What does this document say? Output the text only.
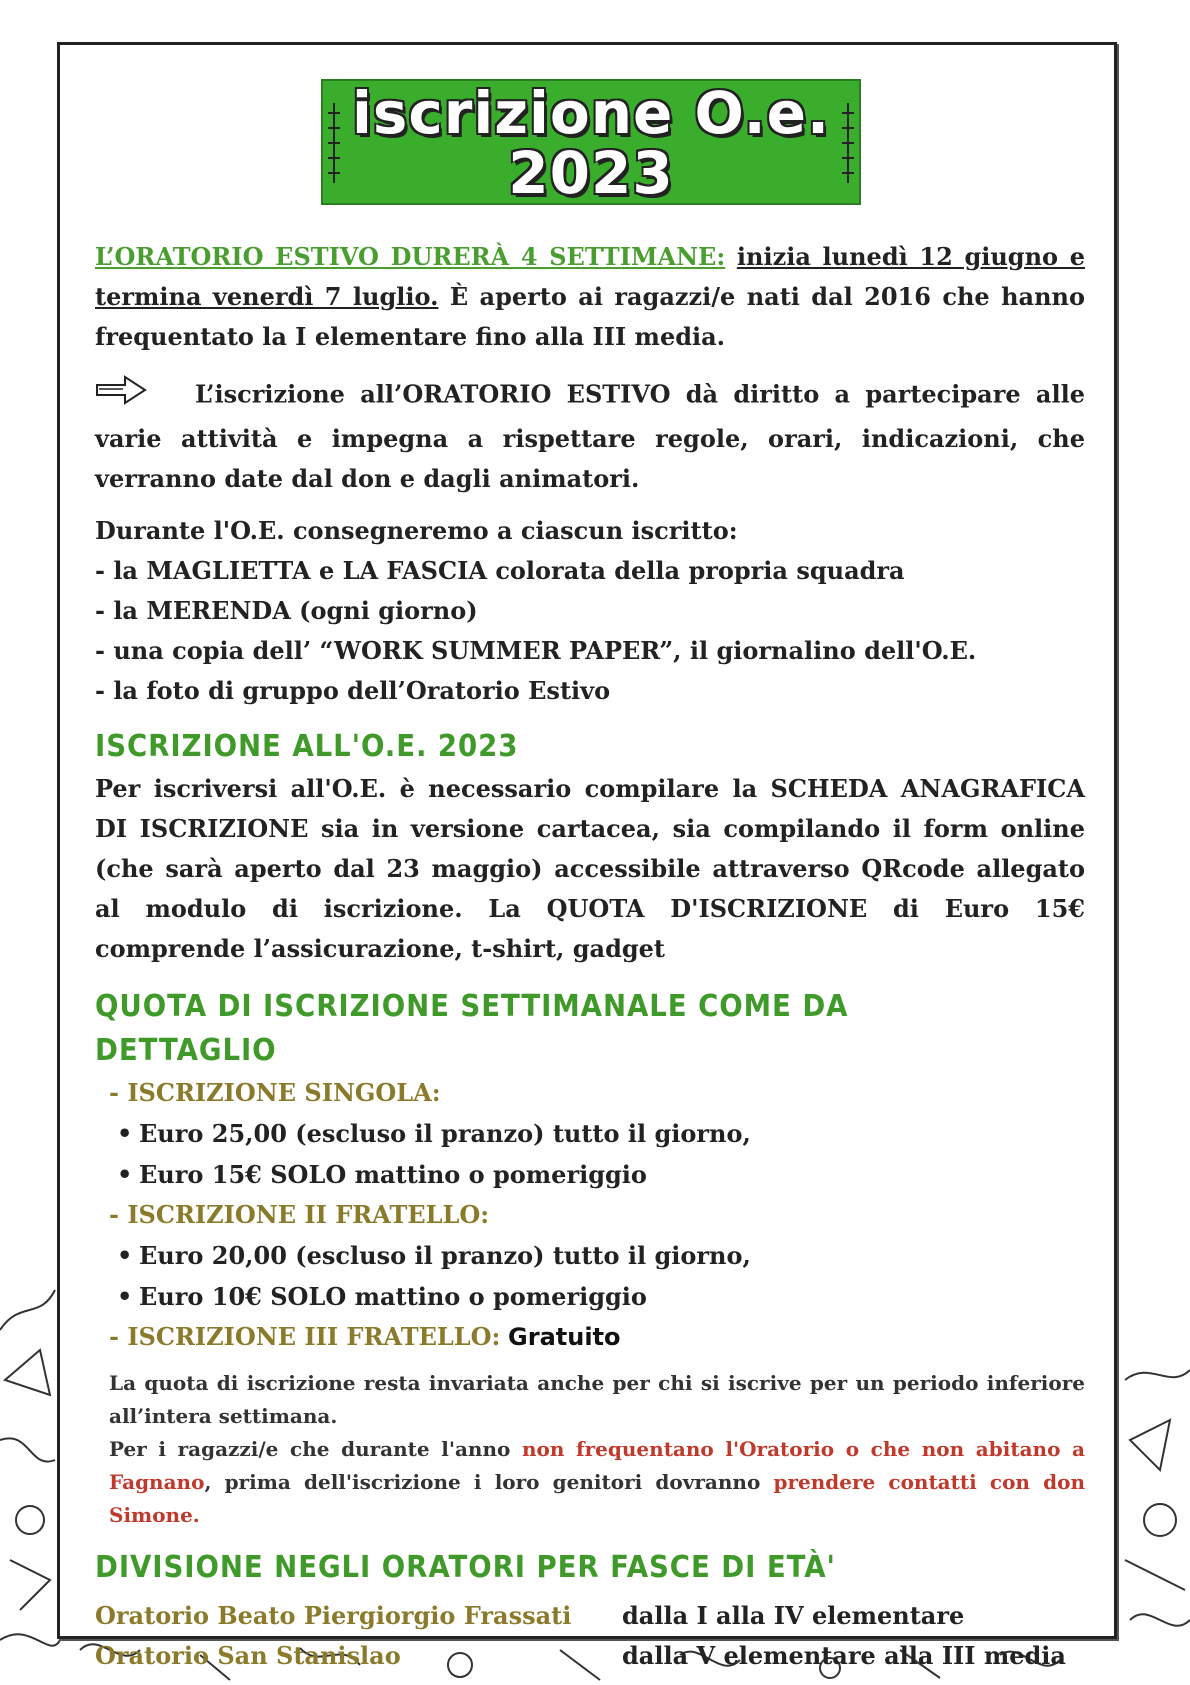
iscrizione O.e.
2023

L’ORATORIO ESTIVO DURERÀ 4 SETTIMANE: inizia lunedì 12 giugno e termina venerdì 7 luglio. È aperto ai ragazzi/e nati dal 2016 che hanno frequentato la I elementare fino alla III media.

L’iscrizione all’ORATORIO ESTIVO dà diritto a partecipare alle varie attività e impegna a rispettare regole, orari, indicazioni, che verranno date dal don e dagli animatori.

Durante l'O.E. consegneremo a ciascun iscritto:

- la MAGLIETTA e LA FASCIA colorata della propria squadra
- la MERENDA (ogni giorno)
- una copia dell’ “WORK SUMMER PAPER”, il giornalino dell'O.E.
- la foto di gruppo dell’Oratorio Estivo
ISCRIZIONE ALL'O.E. 2023

Per iscriversi all'O.E. è necessario compilare la SCHEDA ANAGRAFICA DI ISCRIZIONE sia in versione cartacea, sia compilando il form online (che sarà aperto dal 23 maggio) accessibile attraverso QRcode allegato al modulo di iscrizione. La QUOTA D'ISCRIZIONE di Euro 15€ comprende l’assicurazione, t-shirt, gadget

QUOTA DI ISCRIZIONE SETTIMANALE COME DA DETTAGLIO
- ISCRIZIONE SINGOLA:
• Euro 25,00 (escluso il pranzo) tutto il giorno,
• Euro 15€ SOLO mattino o pomeriggio
- ISCRIZIONE II FRATELLO:
• Euro 20,00 (escluso il pranzo) tutto il giorno,
• Euro 10€ SOLO mattino o pomeriggio
- ISCRIZIONE III FRATELLO: Gratuito

La quota di iscrizione resta invariata anche per chi si iscrive per un periodo inferiore all’intera settimana.

Per i ragazzi/e che durante l'anno non frequentano l'Oratorio o che non abitano a Fagnano, prima dell'iscrizione i loro genitori dovranno prendere contatti con don Simone.

DIVISIONE NEGLI ORATORI PER FASCE DI ETÀ'
Oratorio Beato Piergiorgio Frassati	dalla I alla IV elementare
Oratorio San Stanislao	dalla V elementare alla III media
